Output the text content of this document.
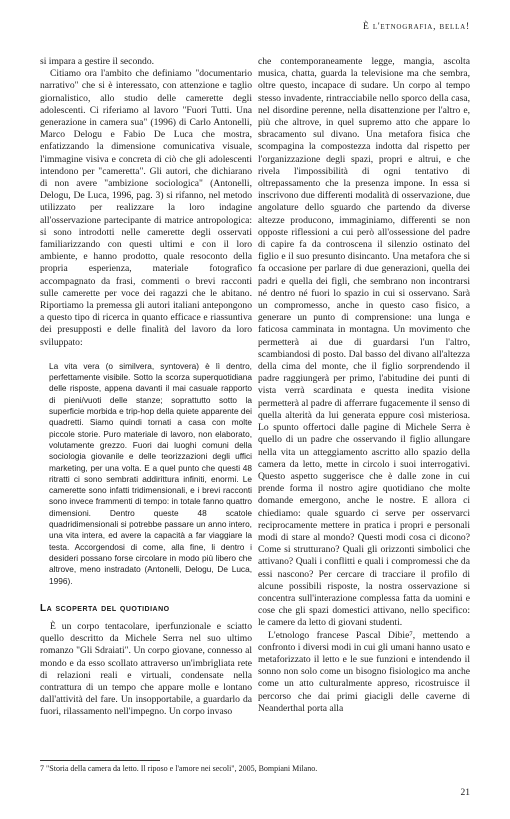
È l'etnografia, bella!

si impara a gestire il secondo.

Citiamo ora l'ambito che definiamo "documentario narrativo" che si è interessato, con attenzione e taglio giornalistico, allo studio delle camerette degli adolescenti. Ci riferiamo al lavoro "Fuori Tutti. Una generazione in camera sua" (1996) di Carlo Antonelli, Marco Delogu e Fabio De Luca che mostra, enfatizzando la dimensione comunicativa visuale, l'immagine visiva e concreta di ciò che gli adolescenti intendono per "cameretta". Gli autori, che dichiarano di non avere "ambizione sociologica" (Antonelli, Delogu, De Luca, 1996, pag. 3) si rifanno, nel metodo utilizzato per realizzare la loro indagine all'osservazione partecipante di matrice antropologica: si sono introdotti nelle camerette degli osservati familiarizzando con questi ultimi e con il loro ambiente, e hanno prodotto, quale resoconto della propria esperienza, materiale fotografico accompagnato da frasi, commenti o brevi racconti sulle camerette per voce dei ragazzi che le abitano. Riportiamo la premessa gli autori italiani antepongono a questo tipo di ricerca in quanto efficace e riassuntiva dei presupposti e delle finalità del lavoro da loro sviluppato:

La vita vera (o similvera, syntovera) è lì dentro, perfettamente visibile. Sotto la scorza superquotidiana delle risposte, appena davanti il mai casuale rapporto di pieni/vuoti delle stanze; soprattutto sotto la superficie morbida e trip-hop della quiete apparente dei quadretti. Siamo quindi tornati a casa con molte piccole storie. Puro materiale di lavoro, non elaborato, volutamente grezzo. Fuori dai luoghi comuni della sociologia giovanile e delle teorizzazioni degli uffici marketing, per una volta. E a quel punto che questi 48 ritratti ci sono sembrati addirittura infiniti, enormi. Le camerette sono infatti tridimensionali, e i brevi racconti sono invece frammenti di tempo: in totale fanno quattro dimensioni. Dentro queste 48 scatole quadridimensionali si potrebbe passare un anno intero, una vita intera, ed avere la capacità a far viaggiare la testa. Accorgendosi di come, alla fine, li dentro i desideri possano forse circolare in modo più libero che altrove, meno instradato (Antonelli, Delogu, De Luca, 1996).

La scoperta del quotidiano

È un corpo tentacolare, iperfunzionale e sciatto quello descritto da Michele Serra nel suo ultimo romanzo "Gli Sdraiati". Un corpo giovane, connesso al mondo e da esso scollato attraverso un'imbrigliata rete di relazioni reali e virtuali, condensate nella contrattura di un tempo che appare molle e lontano dall'attività del fare. Un insopportabile, a guardarlo da fuori, rilassamento nell'impegno. Un corpo invaso

che contemporaneamente legge, mangia, ascolta musica, chatta, guarda la televisione ma che sembra, oltre questo, incapace di sudare. Un corpo al tempo stesso invadente, rintracciabile nello sporco della casa, nel disordine perenne, nella disattenzione per l'altro e, più che altrove, in quel supremo atto che appare lo sbracamento sul divano. Una metafora fisica che scompagina la compostezza indotta dal rispetto per l'organizzazione degli spazi, propri e altrui, e che rivela l'impossibilità di ogni tentativo di oltrepassamento che la presenza impone. In essa si inscrivono due differenti modalità di osservazione, due angolature dello sguardo che partendo da diverse altezze producono, immaginiamo, differenti se non opposte riflessioni a cui però all'ossessione del padre di capire fa da controscena il silenzio ostinato del figlio e il suo presunto disincanto. Una metafora che si fa occasione per parlare di due generazioni, quella dei padri e quella dei figli, che sembrano non incontrarsi né dentro né fuori lo spazio in cui si osservano. Sarà un compromesso, anche in questo caso fisico, a generare un punto di comprensione: una lunga e faticosa camminata in montagna. Un movimento che permetterà ai due di guardarsi l'un l'altro, scambiandosi di posto. Dal basso del divano all'altezza della cima del monte, che il figlio sorprendendo il padre raggiungerà per primo, l'abitudine dei punti di vista verrà scardinata e questa inedita visione permetterà al padre di afferrare fugacemente il senso di quella alterità da lui generata eppure così misteriosa. Lo spunto offertoci dalle pagine di Michele Serra è quello di un padre che osservando il figlio allungare nella vita un atteggiamento ascritto allo spazio della camera da letto, mette in circolo i suoi interrogativi. Questo aspetto suggerisce che è dalle zone in cui prende forma il nostro agire quotidiano che molte domande emergono, anche le nostre. E allora ci chiediamo: quale sguardo ci serve per osservarci reciprocamente mettere in pratica i propri e personali modi di stare al mondo? Questi modi cosa ci dicono? Come si strutturano? Quali gli orizzonti simbolici che attivano? Quali i conflitti e quali i compromessi che da essi nascono? Per cercare di tracciare il profilo di alcune possibili risposte, la nostra osservazione si concentra sull'interazione complessa fatta da uomini e cose che gli spazi domestici attivano, nello specifico: le camere da letto di giovani studenti.

L'etnologo francese Pascal Dibie⁷, mettendo a confronto i diversi modi in cui gli umani hanno usato e metaforizzato il letto e le sue funzioni e intendendo il sonno non solo come un bisogno fisiologico ma anche come un atto culturalmente appreso, ricostruisce il percorso che dai primi giacigli delle caverne di Neanderthal porta alla

7 "Storia della camera da letto. Il riposo e l'amore nei secoli", 2005, Bompiani Milano.
21
